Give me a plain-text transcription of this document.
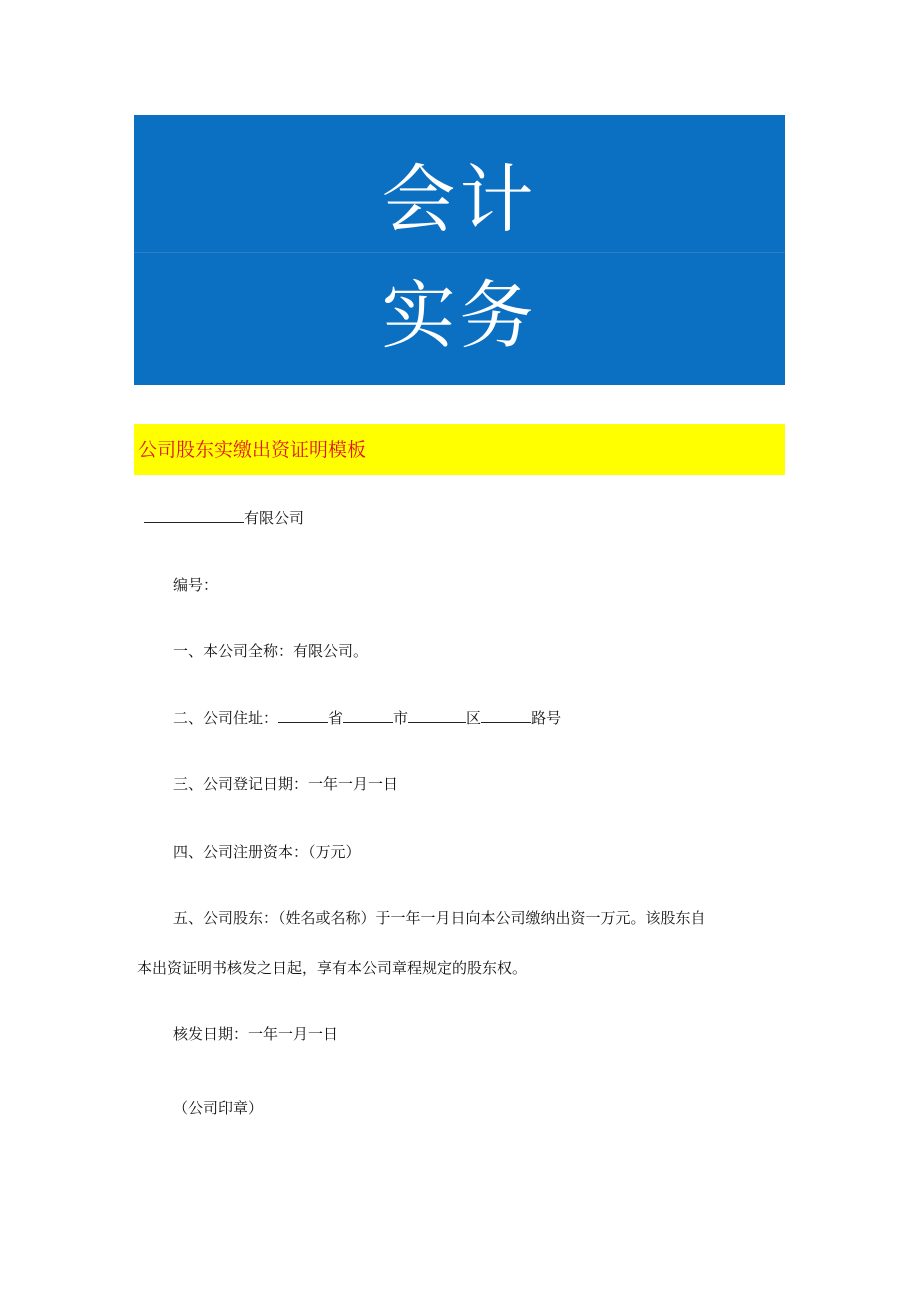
会计
实务
公司股东实缴出资证明模板
有限公司
编号：
一、本公司全称：有限公司。
二、公司住址：	省	市	区	路号
三、公司登记日期：一年一月一日
四、公司注册资本：（万元）
五、公司股东：（姓名或名称）于一年一月日向本公司缴纳出资一万元。该股东自
本出资证明书核发之日起，享有本公司章程规定的股东权。
核发日期：一年一月一日
（公司印章）
